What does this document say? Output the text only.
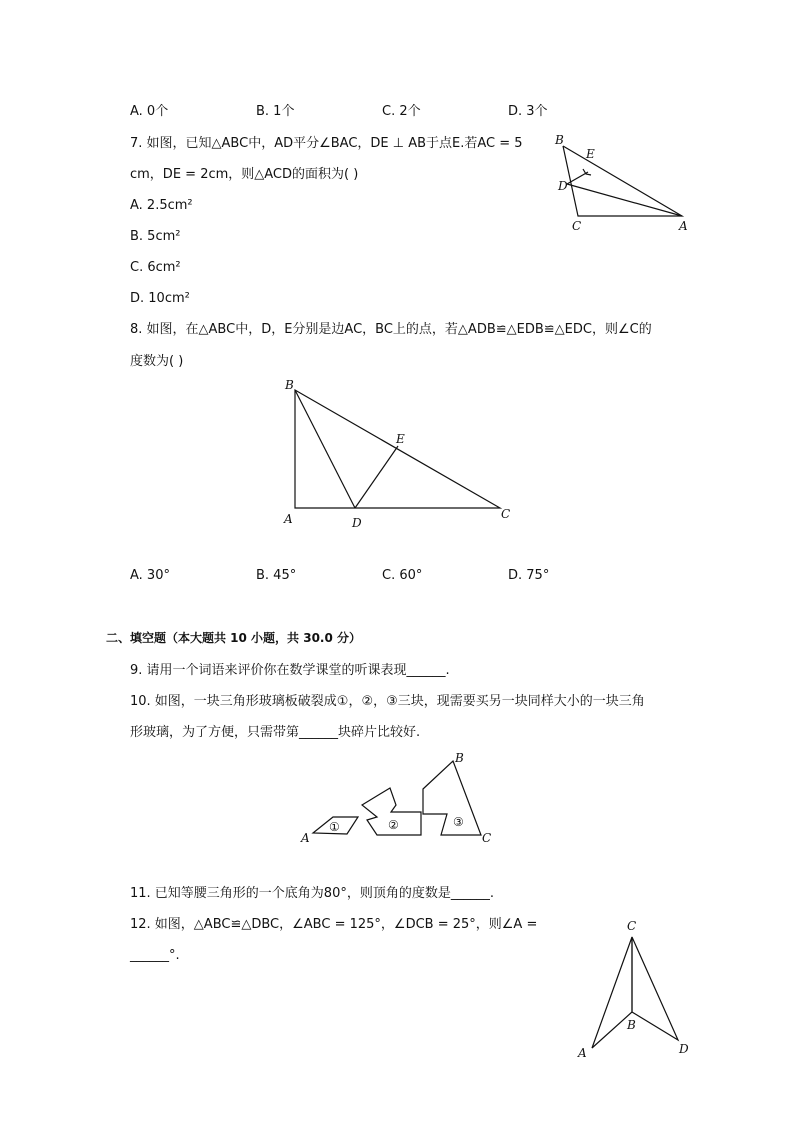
A. 0个	B. 1个	C. 2个	D. 3个
7. 如图，已知△ABC中，AD平分∠BAC，DE ⊥ AB于点E.若AC = 5
cm，DE = 2cm，则△ACD的面积为( )
A. 2.5cm²
B. 5cm²
C. 6cm²
D. 10cm²
B
E
D
C	A
8. 如图，在△ABC中，D，E分别是边AC，BC上的点，若△ADB≌△EDB≌△EDC，则∠C的
度数为( )
B
E
A	D
C
A. 30°	B. 45°	C. 60°	D. 75°
二、填空题（本大题共 10 小题，共 30.0 分）
9. 请用一个词语来评价你在数学课堂的听课表现______.
10. 如图，一块三角形玻璃板破裂成①，②，③三块，现需要买另一块同样大小的一块三角
形玻璃，为了方便，只需带第______块碎片比较好.
A
B
C
①	②	③
11. 已知等腰三角形的一个底角为80°，则顶角的度数是______.
12. 如图，△ABC≌△DBC，∠ABC = 125°，∠DCB = 25°，则∠A =
______°.
C
B
A	D
